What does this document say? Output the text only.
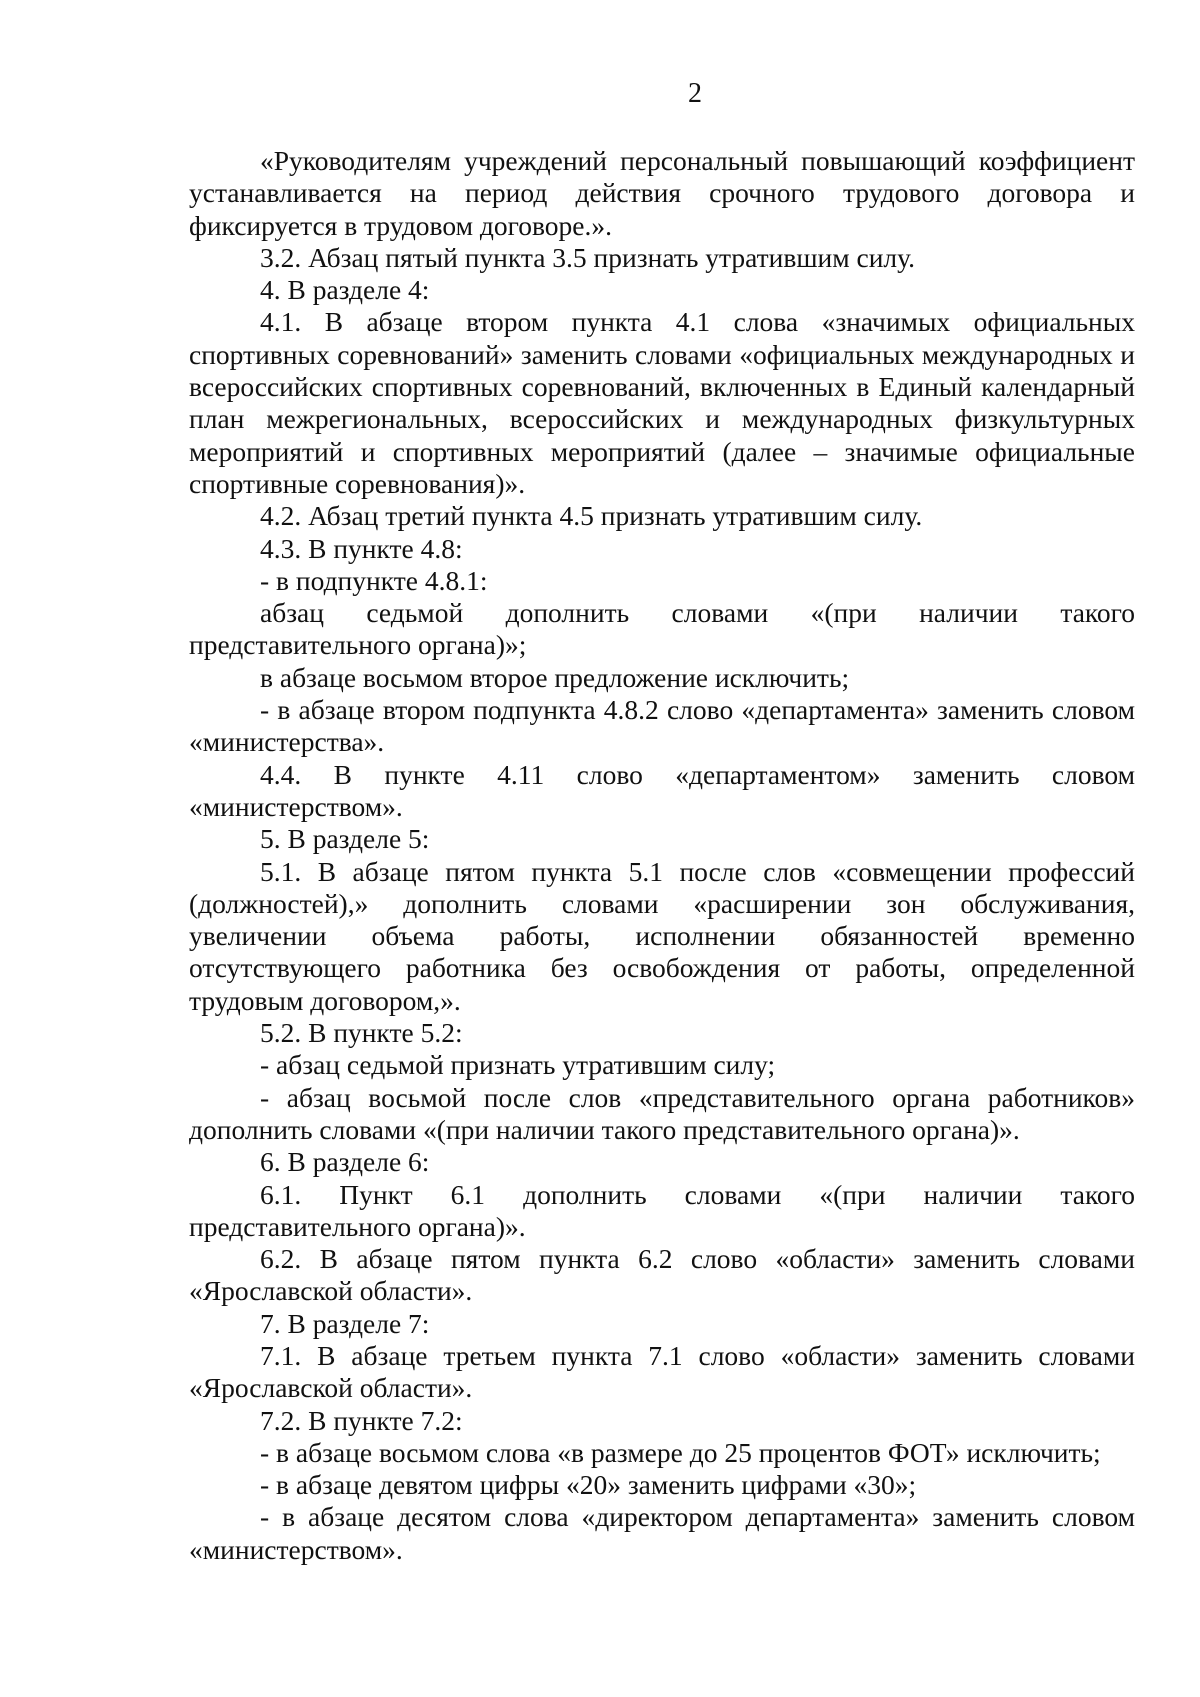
2

«Руководителям учреждений персональный повышающий коэффициент устанавливается на период действия срочного трудового договора и фиксируется в трудовом договоре.».

3.2. Абзац пятый пункта 3.5 признать утратившим силу.

4. В разделе 4:

4.1. В абзаце втором пункта 4.1 слова «значимых официальных спортивных соревнований» заменить словами «официальных международных и всероссийских спортивных соревнований, включенных в Единый календарный план межрегиональных, всероссийских и международных физкультурных мероприятий и спортивных мероприятий (далее – значимые официальные спортивные соревнования)».

4.2. Абзац третий пункта 4.5 признать утратившим силу.

4.3. В пункте 4.8:

- в подпункте 4.8.1:

абзац седьмой дополнить словами «(при наличии такого представительного органа)»;

в абзаце восьмом второе предложение исключить;

- в абзаце втором подпункта 4.8.2 слово «департамента» заменить словом «министерства».

4.4. В пункте 4.11 слово «департаментом» заменить словом «министерством».

5. В разделе 5:

5.1. В абзаце пятом пункта 5.1 после слов «совмещении профессий (должностей),» дополнить словами «расширении зон обслуживания, увеличении объема работы, исполнении обязанностей временно отсутствующего работника без освобождения от работы, определенной трудовым договором,».

5.2. В пункте 5.2:

- абзац седьмой признать утратившим силу;

- абзац восьмой после слов «представительного органа работников» дополнить словами «(при наличии такого представительного органа)».

6. В разделе 6:

6.1. Пункт 6.1 дополнить словами «(при наличии такого представительного органа)».

6.2. В абзаце пятом пункта 6.2 слово «области» заменить словами «Ярославской области».

7. В разделе 7:

7.1. В абзаце третьем пункта 7.1 слово «области» заменить словами «Ярославской области».

7.2. В пункте 7.2:

- в абзаце восьмом слова «в размере до 25 процентов ФОТ» исключить;

- в абзаце девятом цифры «20» заменить цифрами «30»;

- в абзаце десятом слова «директором департамента» заменить словом «министерством».
